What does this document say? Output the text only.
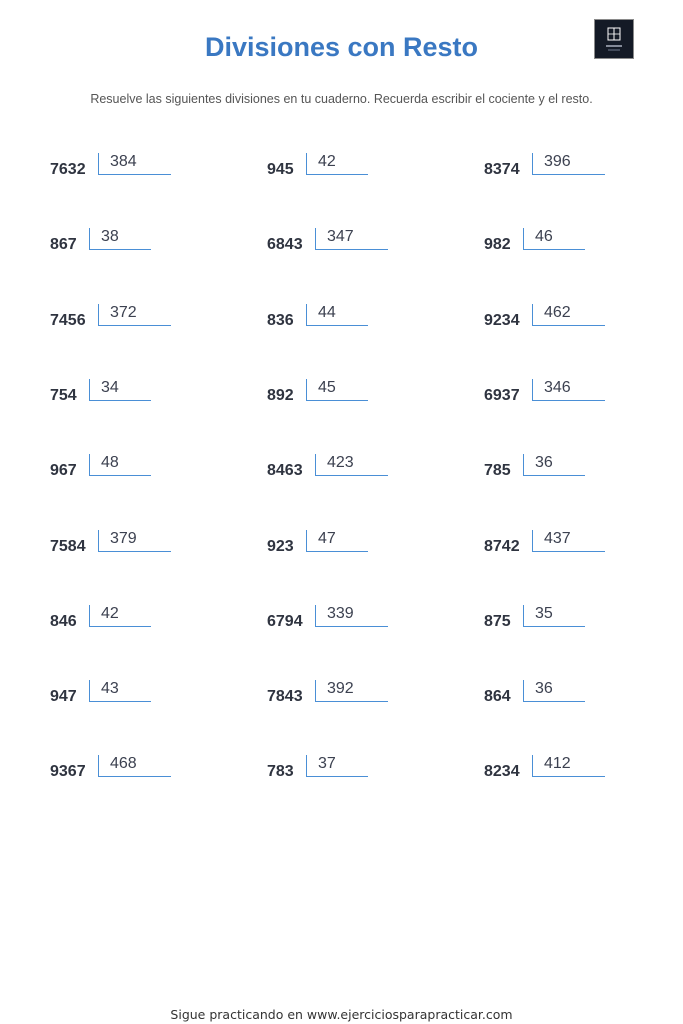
Divisiones con Resto
Resuelve las siguientes divisiones en tu cuaderno. Recuerda escribir el cociente y el resto.
7632 384	945 42	8374 396
867 38	6843 347	982 46
7456 372	836 44	9234 462
754 34	892 45	6937 346
967 48	8463 423	785 36
7584 379	923 47	8742 437
846 42	6794 339	875 35
947 43	7843 392	864 36
9367 468	783 37	8234 412
Sigue practicando en www.ejerciciosparapracticar.com
